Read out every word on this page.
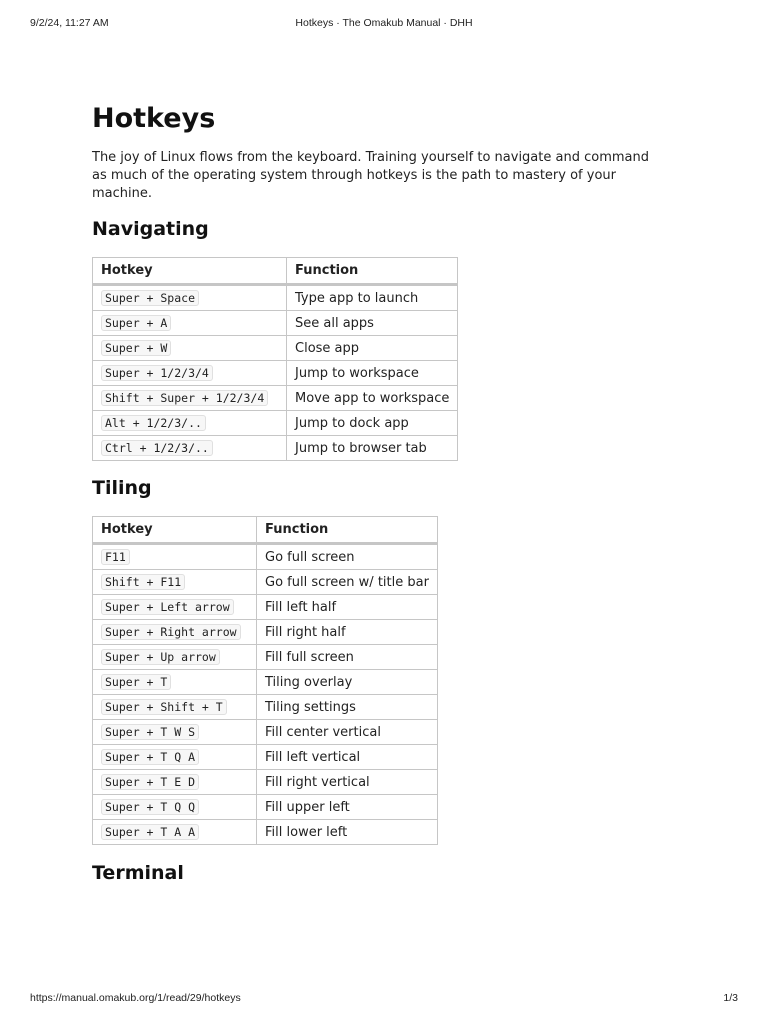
9/2/24, 11:27 AM	Hotkeys · The Omakub Manual · DHH
Hotkeys

The joy of Linux flows from the keyboard. Training yourself to navigate and command as much of the operating system through hotkeys is the path to mastery of your machine.

Navigating
Hotkey	Function
Super + Space	Type app to launch
Super + A	See all apps
Super + W	Close app
Super + 1/2/3/4	Jump to workspace
Shift + Super + 1/2/3/4	Move app to workspace
Alt + 1/2/3/..	Jump to dock app
Ctrl + 1/2/3/..	Jump to browser tab
Tiling
Hotkey	Function
F11	Go full screen
Shift + F11	Go full screen w/ title bar
Super + Left arrow	Fill left half
Super + Right arrow	Fill right half
Super + Up arrow	Fill full screen
Super + T	Tiling overlay
Super + Shift + T	Tiling settings
Super + T W S	Fill center vertical
Super + T Q A	Fill left vertical
Super + T E D	Fill right vertical
Super + T Q Q	Fill upper left
Super + T A A	Fill lower left
Terminal
https://manual.omakub.org/1/read/29/hotkeys	1/3
